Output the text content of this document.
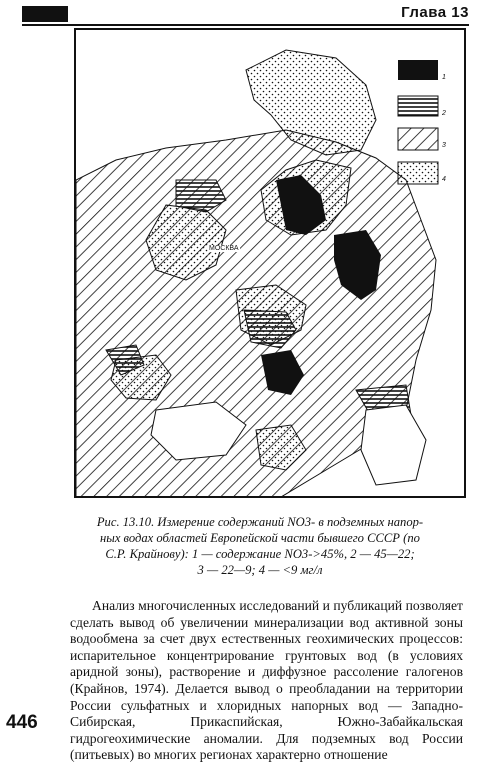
Глава 13
1
2
3
4
МОСКВА
Рис. 13.10. Измерение содержаний NO3- в подземных напор-
ных водах областей Европейской части бывшего СССР (по
С.Р. Крайнову): 1 — содержание NO3->45%, 2 — 45—22;
3 — 22—9; 4 — <9 мг/л

Анализ многочисленных исследований и публикаций позволяет сделать вывод об увеличении минерализации вод активной зоны водообмена за счет двух естественных геохимических процессов: испарительное концентрирование грунтовых вод (в условиях аридной зоны), растворение и диффузное рассоление галогенов (Крайнов, 1974). Делается вывод о преобладании на территории России сульфатных и хлоридных напорных вод — Западно-Сибирская, Прикаспийская, Южно-Забайкальская гидрогеохимические аномалии. Для подземных вод России (питьевых) во многих регионах характерно отношение

446
